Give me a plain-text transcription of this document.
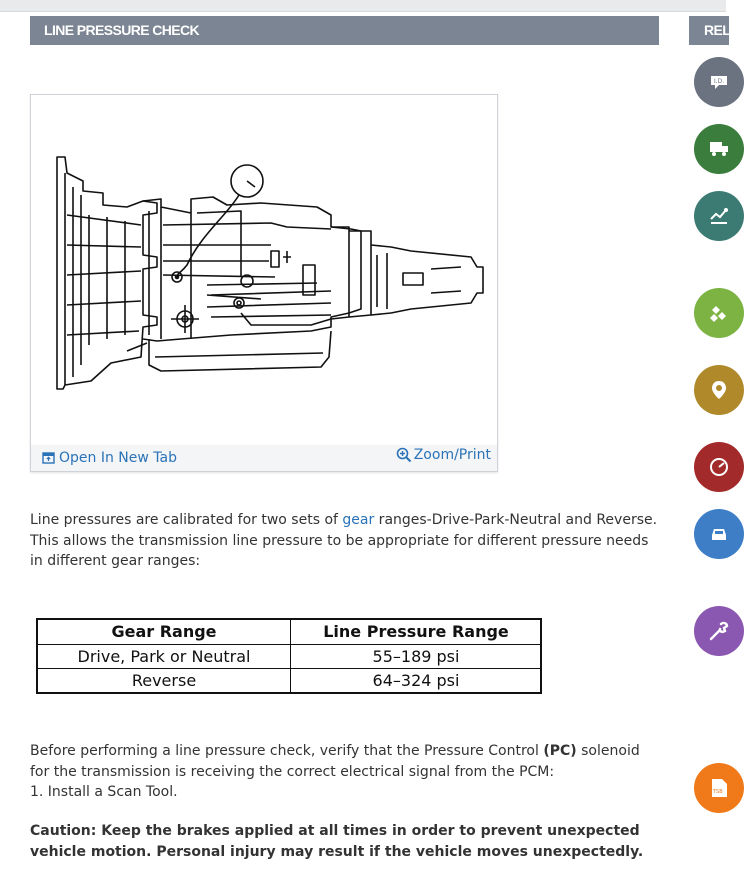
LINE PRESSURE CHECK	REL
Open In New Tab	Zoom/Print
Line pressures are calibrated for two sets of gear ranges-Drive-Park-Neutral and Reverse. This allows the transmission line pressure to be appropriate for different pressure needs in different gear ranges:
Gear Range	Line Pressure Range
Drive, Park or Neutral	55–189 psi
Reverse	64–324 psi
Before performing a line pressure check, verify that the Pressure Control (PC) solenoid for the transmission is receiving the correct electrical signal from the PCM:
1. Install a Scan Tool.
Caution: Keep the brakes applied at all times in order to prevent unexpected vehicle motion. Personal injury may result if the vehicle moves unexpectedly.
I.D.
TSB
